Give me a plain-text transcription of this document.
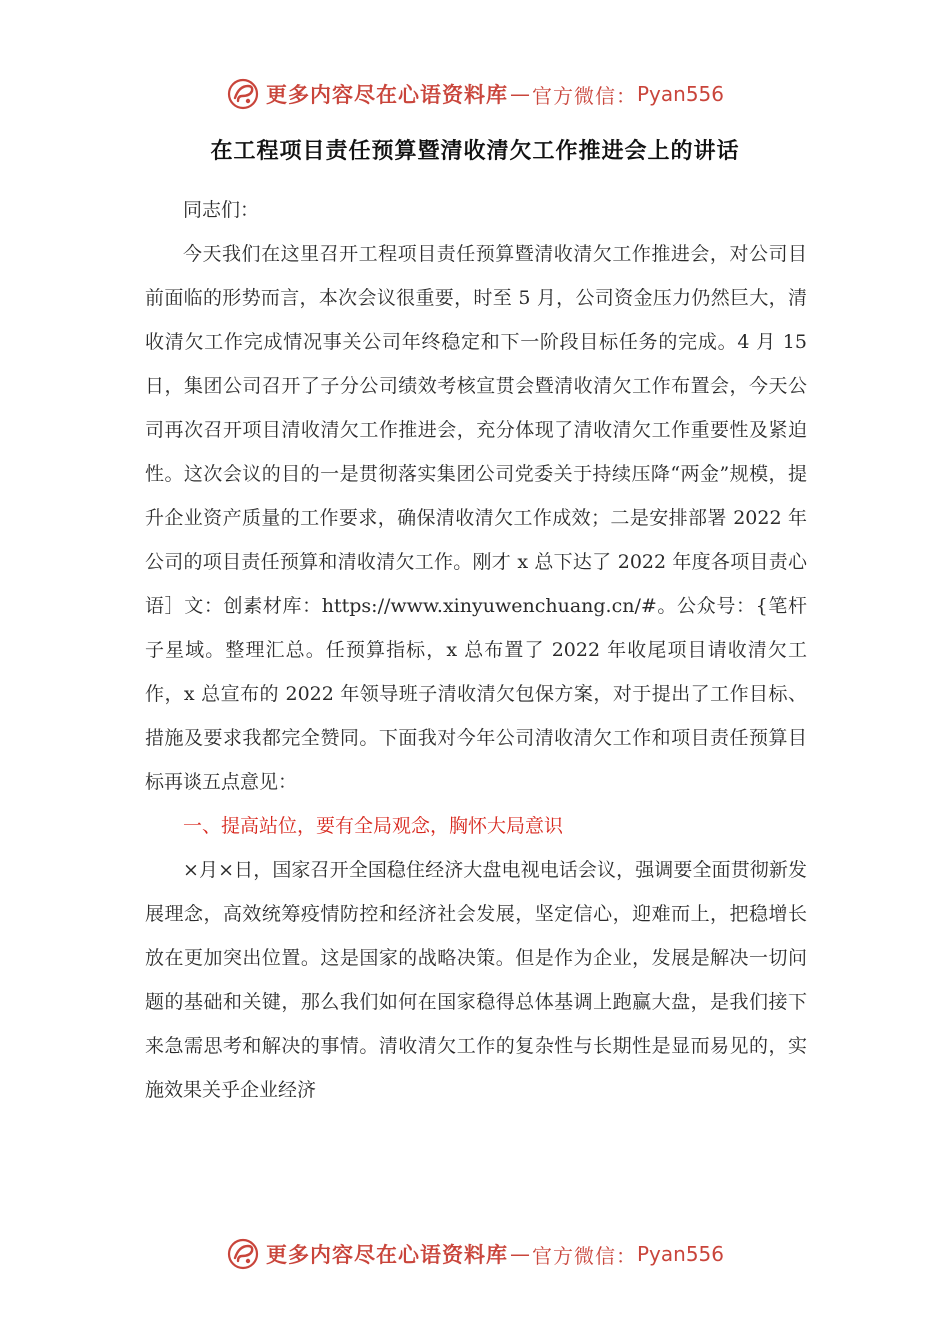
更多内容尽在心语资料库 — 官方微信： Pyan556
在工程项目责任预算暨清收清欠工作推进会上的讲话

同志们：

今天我们在这里召开工程项目责任预算暨清收清欠工作推进会，对公司目前面临的形势而言，本次会议很重要，时至 5 月，公司资金压力仍然巨大，清收清欠工作完成情况事关公司年终稳定和下一阶段目标任务的完成。4 月 15 日，集团公司召开了子分公司绩效考核宣贯会暨清收清欠工作布置会，今天公司再次召开项目清收清欠工作推进会，充分体现了清收清欠工作重要性及紧迫性。这次会议的目的一是贯彻落实集团公司党委关于持续压降“两金”规模，提升企业资产质量的工作要求，确保清收清欠工作成效；二是安排部署 2022 年公司的项目责任预算和清收清欠工作。刚才 x 总下达了 2022 年度各项目责心语］文：创素材库：https://www.xinyuwenchuang.cn/#。公众号：{笔杆子星域。整理汇总。任预算指标，x 总布置了 2022 年收尾项目请收清欠工作，x 总宣布的 2022 年领导班子清收清欠包保方案，对于提出了工作目标、措施及要求我都完全赞同。下面我对今年公司清收清欠工作和项目责任预算目标再谈五点意见：

一、提高站位，要有全局观念，胸怀大局意识

×月×日，国家召开全国稳住经济大盘电视电话会议，强调要全面贯彻新发展理念，高效统筹疫情防控和经济社会发展，坚定信心，迎难而上，把稳增长放在更加突出位置。这是国家的战略决策。但是作为企业，发展是解决一切问题的基础和关键，那么我们如何在国家稳得总体基调上跑赢大盘，是我们接下来急需思考和解决的事情。清收清欠工作的复杂性与长期性是显而易见的，实施效果关乎企业经济

更多内容尽在心语资料库 — 官方微信： Pyan556
